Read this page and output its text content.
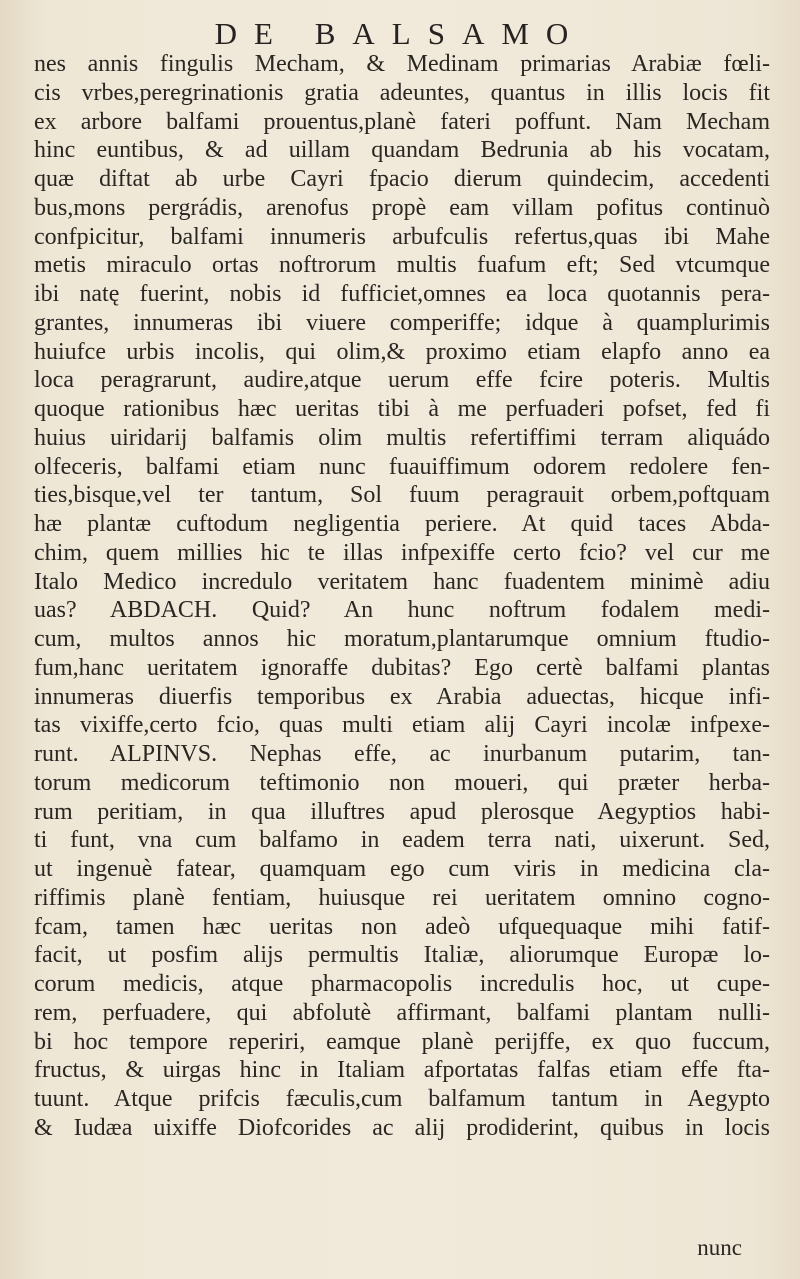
DE BALSAMO
nes annis fingulis Mecham, & Medinam primarias Arabiæ fœli-
cis vrbes,peregrinationis gratia adeuntes, quantus in illis locis fit
ex arbore balfami prouentus,planè fateri poffunt. Nam Mecham
hinc euntibus, & ad uillam quandam Bedrunia ab his vocatam,
quæ diftat ab urbe Cayri fpacio dierum quindecim, accedenti
bus,mons pergrádis, arenofus propè eam villam pofitus continuò
confpicitur, balfami innumeris arbufculis refertus,quas ibi Mahe
metis miraculo ortas noftrorum multis fuafum eft; Sed vtcumque
ibi natę fuerint, nobis id fufficiet,omnes ea loca quotannis pera-
grantes, innumeras ibi viuere comperiffe; idque à quamplurimis
huiufce urbis incolis, qui olim,& proximo etiam elapfo anno ea
loca peragrarunt, audire,atque uerum effe fcire poteris. Multis
quoque rationibus hæc ueritas tibi à me perfuaderi pofset, fed fi
huius uiridarij balfamis olim multis refertiffimi terram aliquádo
olfeceris, balfami etiam nunc fuauiffimum odorem redolere fen-
ties,bisque,vel ter tantum, Sol fuum peragrauit orbem,poftquam
hæ plantæ cuftodum negligentia periere. At quid taces Abda-
chim, quem millies hic te illas infpexiffe certo fcio? vel cur me
Italo Medico incredulo veritatem hanc fuadentem minimè adiu
uas? ABDACH. Quid? An hunc noftrum fodalem medi-
cum, multos annos hic moratum,plantarumque omnium ftudio-
fum,hanc ueritatem ignoraffe dubitas? Ego certè balfami plantas
innumeras diuerfis temporibus ex Arabia aduectas, hicque infi-
tas vixiffe,certo fcio, quas multi etiam alij Cayri incolæ infpexe-
runt. ALPINVS. Nephas effe, ac inurbanum putarim, tan-
torum medicorum teftimonio non moueri, qui præter herba-
rum peritiam, in qua illuftres apud plerosque Aegyptios habi-
ti funt, vna cum balfamo in eadem terra nati, uixerunt. Sed,
ut ingenuè fatear, quamquam ego cum viris in medicina cla-
riffimis planè fentiam, huiusque rei ueritatem omnino cogno-
fcam, tamen hæc ueritas non adeò ufquequaque mihi fatif-
facit, ut posfim alijs permultis Italiæ, aliorumque Europæ lo-
corum medicis, atque pharmacopolis incredulis hoc, ut cupe-
rem, perfuadere, qui abfolutè affirmant, balfami plantam nulli-
bi hoc tempore reperiri, eamque planè perijffe, ex quo fuccum,
fructus, & uirgas hinc in Italiam afportatas falfas etiam effe fta-
tuunt. Atque prifcis fæculis,cum balfamum tantum in Aegypto
& Iudæa uixiffe Diofcorides ac alij prodiderint, quibus in locis
nunc
